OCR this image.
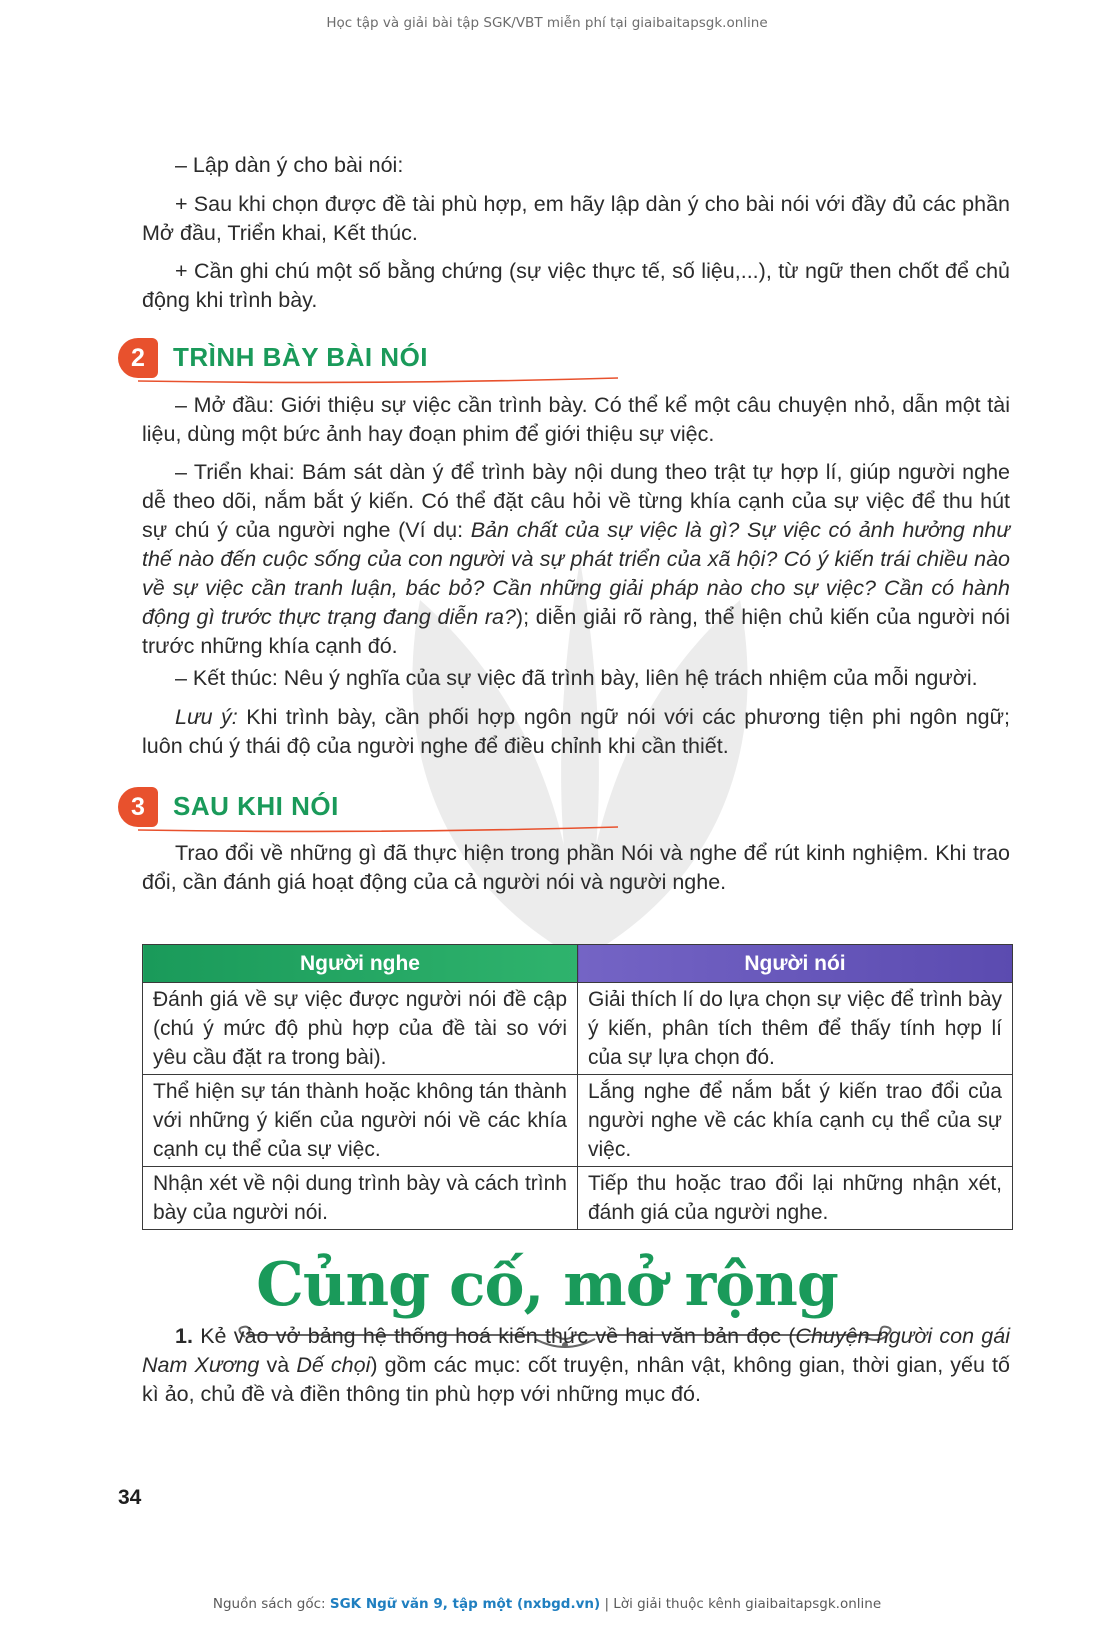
Học tập và giải bài tập SGK/VBT miễn phí tại giaibaitapsgk.online
– Lập dàn ý cho bài nói:
+ Sau khi chọn được đề tài phù hợp, em hãy lập dàn ý cho bài nói với đầy đủ các phần Mở đầu, Triển khai, Kết thúc.
+ Cần ghi chú một số bằng chứng (sự việc thực tế, số liệu,...), từ ngữ then chốt để chủ động khi trình bày.
2	TRÌNH BÀY BÀI NÓI
– Mở đầu: Giới thiệu sự việc cần trình bày. Có thể kể một câu chuyện nhỏ, dẫn một tài liệu, dùng một bức ảnh hay đoạn phim để giới thiệu sự việc.
– Triển khai: Bám sát dàn ý để trình bày nội dung theo trật tự hợp lí, giúp người nghe dễ theo dõi, nắm bắt ý kiến. Có thể đặt câu hỏi về từng khía cạnh của sự việc để thu hút sự chú ý của người nghe (Ví dụ: Bản chất của sự việc là gì? Sự việc có ảnh hưởng như thế nào đến cuộc sống của con người và sự phát triển của xã hội? Có ý kiến trái chiều nào về sự việc cần tranh luận, bác bỏ? Cần những giải pháp nào cho sự việc? Cần có hành động gì trước thực trạng đang diễn ra?); diễn giải rõ ràng, thể hiện chủ kiến của người nói trước những khía cạnh đó.
– Kết thúc: Nêu ý nghĩa của sự việc đã trình bày, liên hệ trách nhiệm của mỗi người.
Lưu ý: Khi trình bày, cần phối hợp ngôn ngữ nói với các phương tiện phi ngôn ngữ; luôn chú ý thái độ của người nghe để điều chỉnh khi cần thiết.
3	SAU KHI NÓI
Trao đổi về những gì đã thực hiện trong phần Nói và nghe để rút kinh nghiệm. Khi trao đổi, cần đánh giá hoạt động của cả người nói và người nghe.
Người nghe	Người nói
Đánh giá về sự việc được người nói đề cập (chú ý mức độ phù hợp của đề tài so với yêu cầu đặt ra trong bài).	Giải thích lí do lựa chọn sự việc để trình bày ý kiến, phân tích thêm để thấy tính hợp lí của sự lựa chọn đó.
Thể hiện sự tán thành hoặc không tán thành với những ý kiến của người nói về các khía cạnh cụ thể của sự việc.	Lắng nghe để nắm bắt ý kiến trao đổi của người nghe về các khía cạnh cụ thể của sự việc.
Nhận xét về nội dung trình bày và cách trình bày của người nói.	Tiếp thu hoặc trao đổi lại những nhận xét, đánh giá của người nghe.
Củng cố, mở rộng
1. Kẻ vào vở bảng hệ thống hoá kiến thức về hai văn bản đọc (Chuyện người con gái Nam Xương và Dế chọi) gồm các mục: cốt truyện, nhân vật, không gian, thời gian, yếu tố kì ảo, chủ đề và điền thông tin phù hợp với những mục đó.
34
Nguồn sách gốc: SGK Ngữ văn 9, tập một (nxbgd.vn) | Lời giải thuộc kênh giaibaitapsgk.online
